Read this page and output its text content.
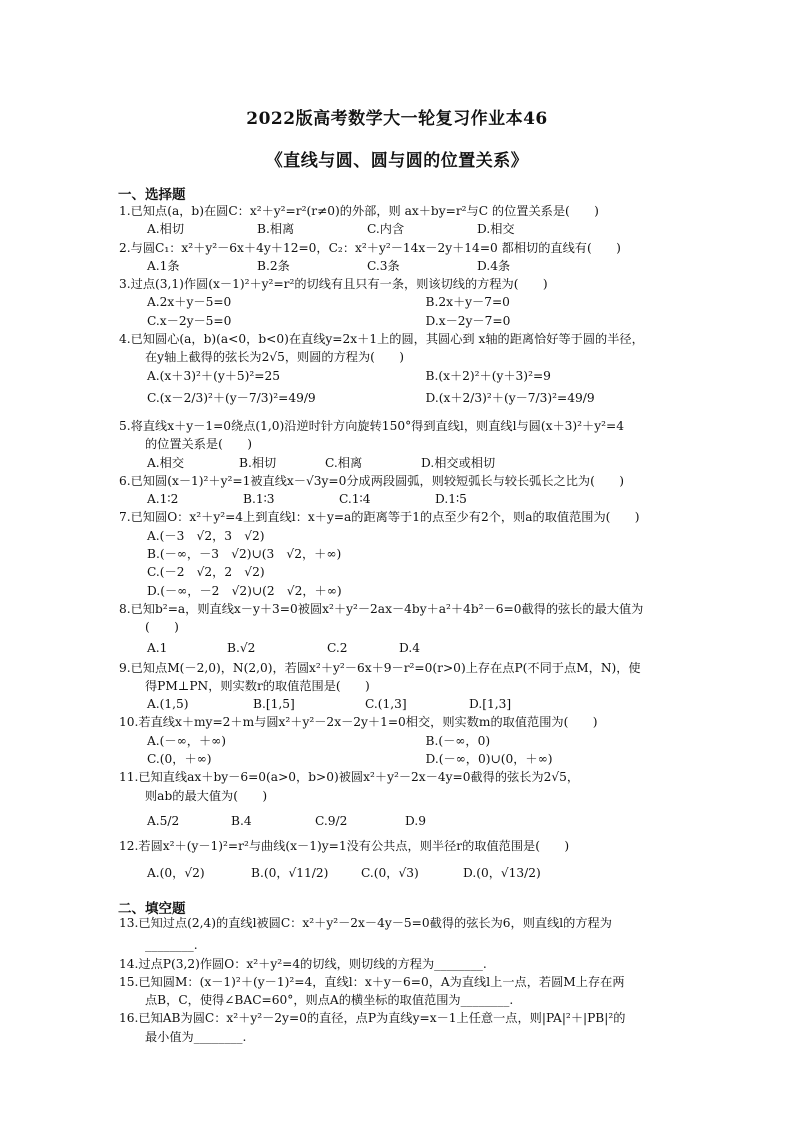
2022版高考数学大一轮复习作业本46
《直线与圆、圆与圆的位置关系》
一、选择题
1.已知点(a，b)在圆C：x²＋y²=r²(r≠0)的外部，则 ax＋by=r²与C 的位置关系是(　　)
A.相切	B.相离	C.内含	D.相交
2.与圆C₁：x²＋y²－6x＋4y＋12=0，C₂：x²＋y²－14x－2y＋14=0 都相切的直线有(　　)
A.1条	B.2条	C.3条	D.4条
3.过点(3,1)作圆(x－1)²＋y²=r²的切线有且只有一条，则该切线的方程为(　　)
A.2x＋y－5=0	B.2x＋y－7=0
C.x－2y－5=0	D.x－2y－7=0
4.已知圆心(a，b)(a<0，b<0)在直线y=2x＋1上的圆，其圆心到 x轴的距离恰好等于圆的半径，
在y轴上截得的弦长为2√5，则圆的方程为(　　)
A.(x＋3)²＋(y＋5)²=25	B.(x＋2)²＋(y＋3)²=9
C.(x－2/3)²＋(y－7/3)²=49/9	D.(x＋2/3)²＋(y－7/3)²=49/9
5.将直线x＋y－1=0绕点(1,0)沿逆时针方向旋转150°得到直线l，则直线l与圆(x＋3)²＋y²=4
的位置关系是(　　)
A.相交	B.相切	C.相离	D.相交或相切
6.已知圆(x－1)²＋y²=1被直线x－√3y=0分成两段圆弧，则较短弧长与较长弧长之比为(　　)
A.1∶2	B.1∶3	C.1∶4	D.1∶5
7.已知圆O：x²＋y²=4上到直线l：x＋y=a的距离等于1的点至少有2个，则a的取值范围为(　　)
A.(－3　√2，3　√2)
B.(－∞，－3　√2)∪(3　√2，＋∞)
C.(－2　√2，2　√2)
D.(－∞，－2　√2)∪(2　√2，＋∞)
8.已知b²=a，则直线x－y＋3=0被圆x²＋y²－2ax－4by＋a²＋4b²－6=0截得的弦长的最大值为
(　　)
A.1	B.√2	C.2	D.4
9.已知点M(－2,0)，N(2,0)，若圆x²＋y²－6x＋9－r²=0(r>0)上存在点P(不同于点M，N)，使
得PM⊥PN，则实数r的取值范围是(　　)
A.(1,5)	B.[1,5]	C.(1,3]	D.[1,3]
10.若直线x＋my=2＋m与圆x²＋y²－2x－2y＋1=0相交，则实数m的取值范围为(　　)
A.(－∞，＋∞)	B.(－∞，0)
C.(0，＋∞)	D.(－∞，0)∪(0，＋∞)
11.已知直线ax＋by－6=0(a>0，b>0)被圆x²＋y²－2x－4y=0截得的弦长为2√5，
则ab的最大值为(　　)
A.5/2	B.4	C.9/2	D.9
12.若圆x²＋(y－1)²=r²与曲线(x－1)y=1没有公共点，则半径r的取值范围是(　　)
A.(0，√2)	B.(0，√11/2)	C.(0，√3)	D.(0，√13/2)
二、填空题
13.已知过点(2,4)的直线l被圆C：x²＋y²－2x－4y－5=0截得的弦长为6，则直线l的方程为
________.
14.过点P(3,2)作圆O：x²＋y²=4的切线，则切线的方程为________.
15.已知圆M：(x－1)²＋(y－1)²=4，直线l：x＋y－6=0，A为直线l上一点，若圆M上存在两
点B，C，使得∠BAC=60°，则点A的横坐标的取值范围为________.
16.已知AB为圆C：x²＋y²－2y=0的直径，点P为直线y=x－1上任意一点，则|PA|²＋|PB|²的
最小值为________.
